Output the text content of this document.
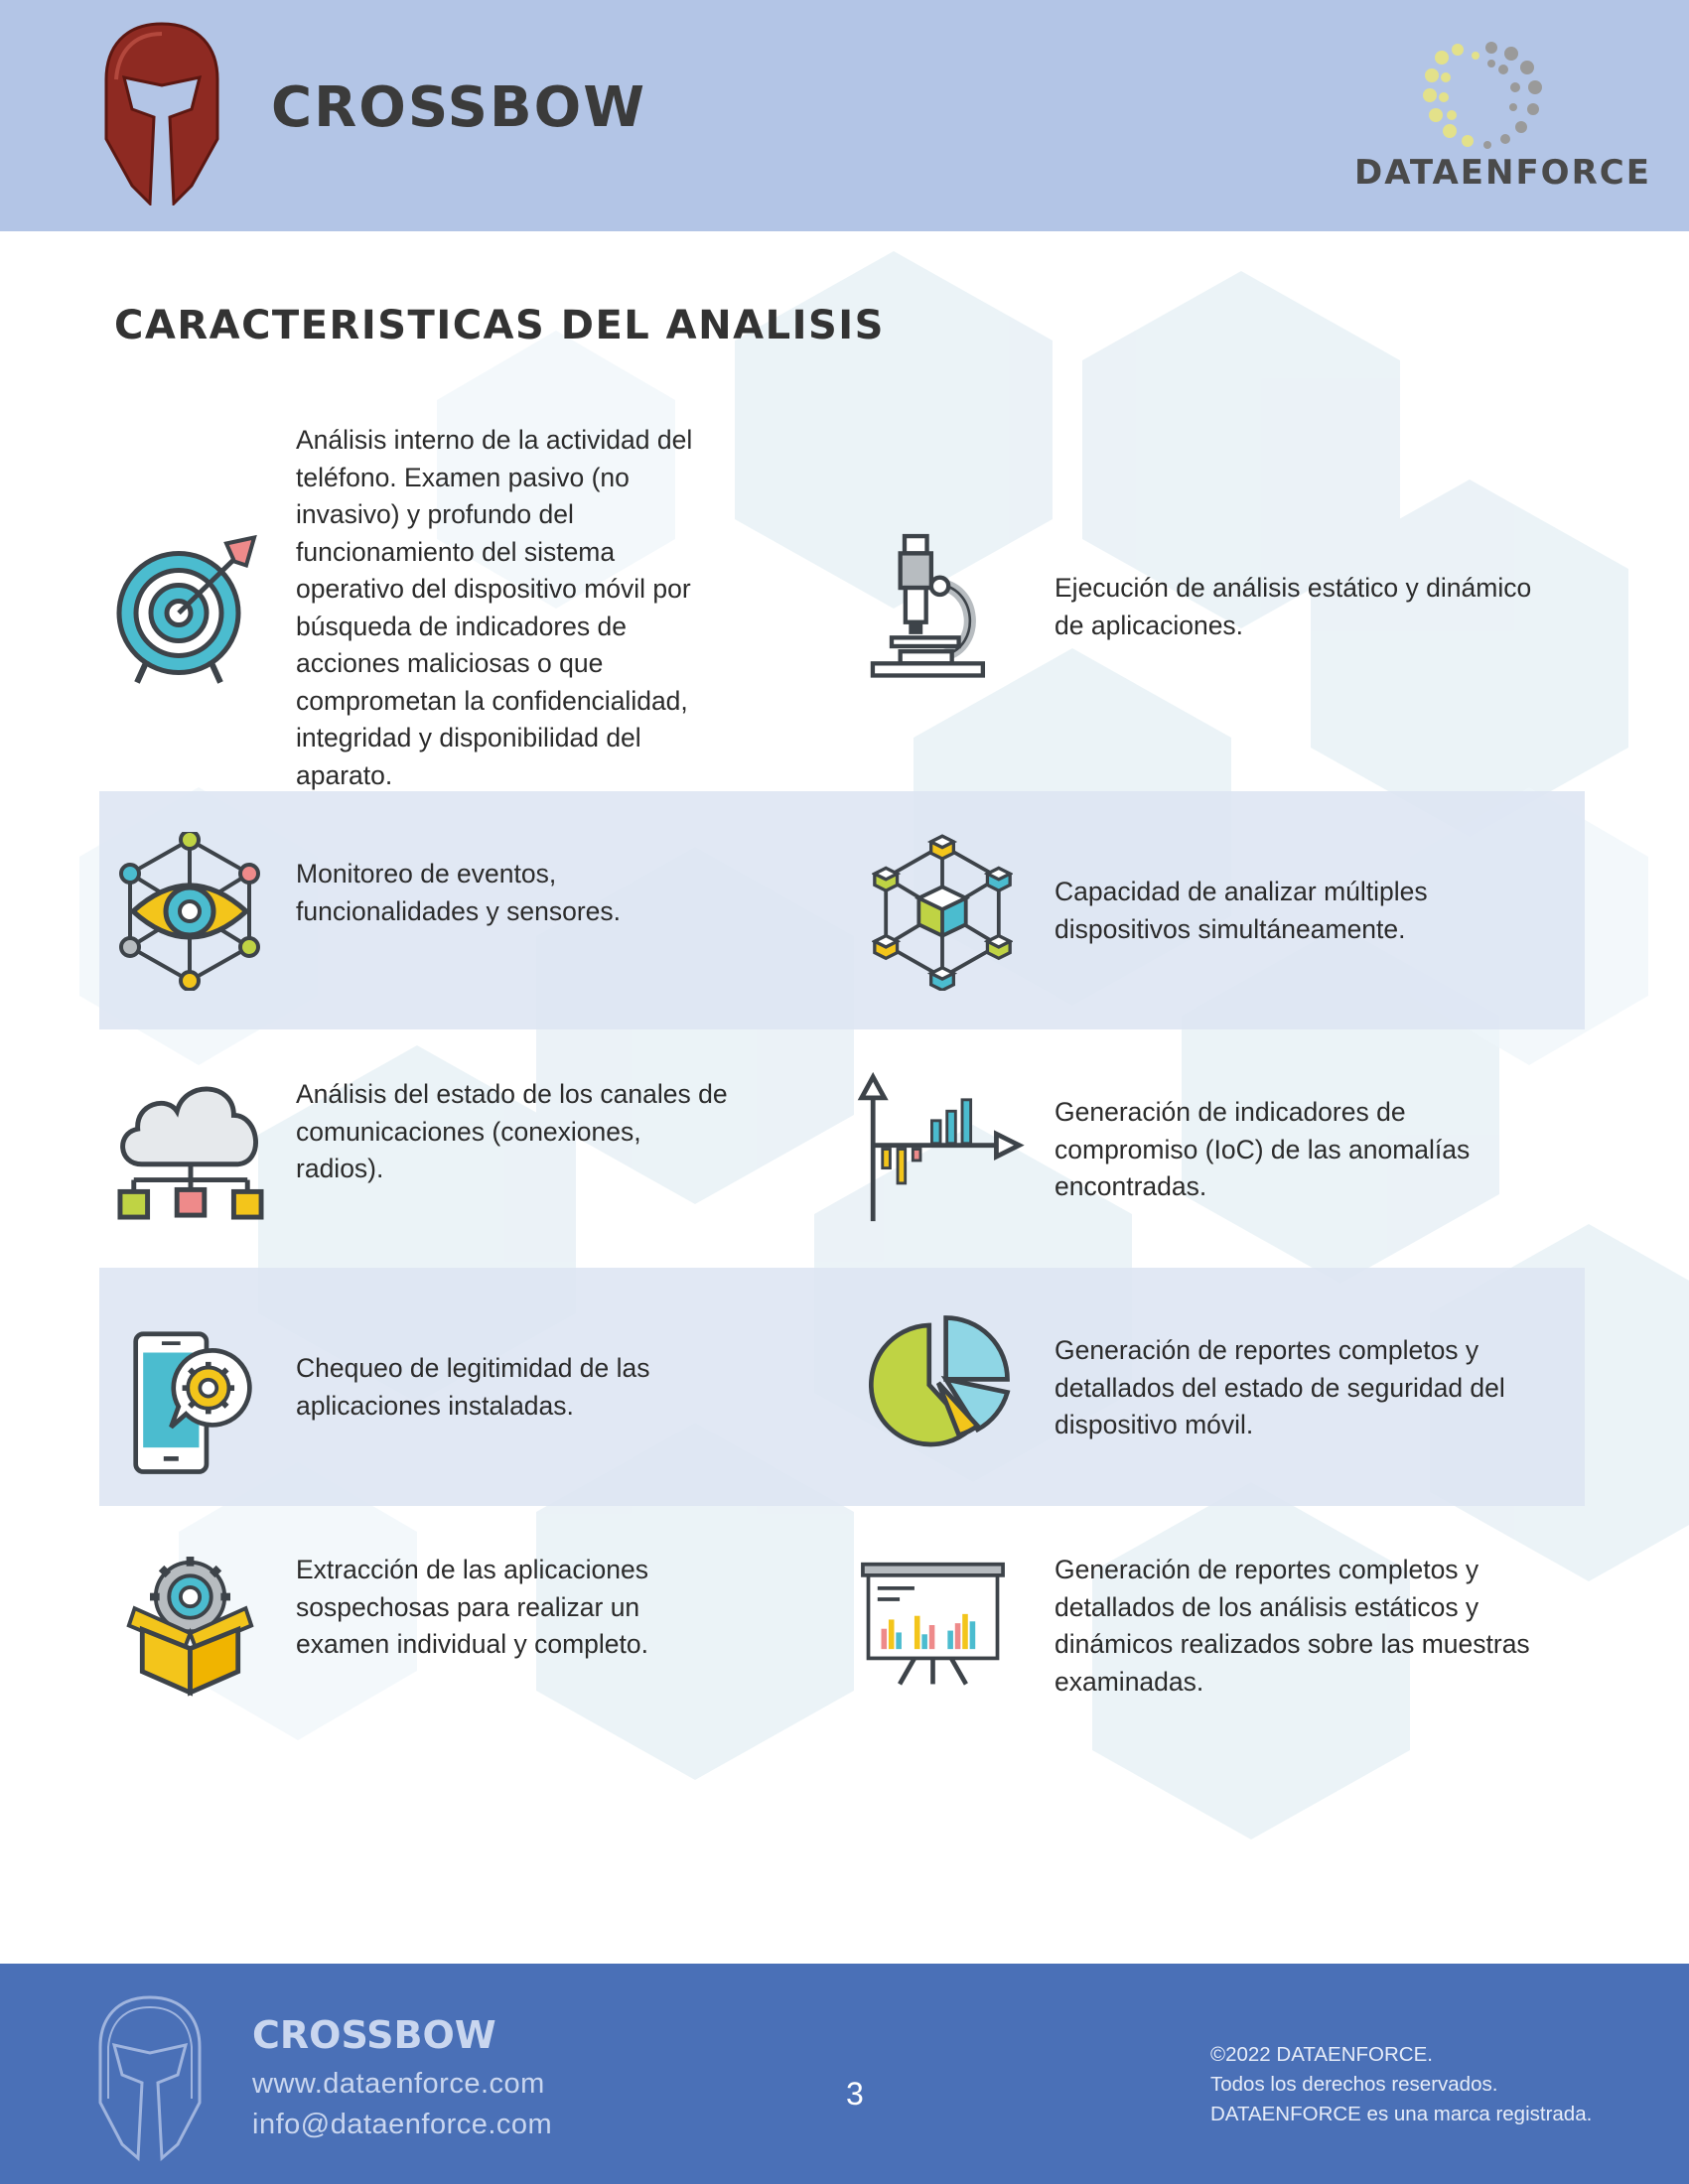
CROSSBOW
DATAENFORCE
CARACTERISTICAS DEL ANALISIS
Análisis interno de la actividad del
teléfono. Examen pasivo (no
invasivo) y profundo del
funcionamiento del sistema
operativo del dispositivo móvil por
búsqueda de indicadores de
acciones maliciosas o que
comprometan la confidencialidad,
integridad y disponibilidad del
aparato.
Ejecución de análisis estático y dinámico
de aplicaciones.
Monitoreo de eventos,
funcionalidades y sensores.
Capacidad de analizar múltiples
dispositivos simultáneamente.
Análisis del estado de los canales de
comunicaciones (conexiones,
radios).
Generación de indicadores de
compromiso (IoC) de las anomalías
encontradas.
Chequeo de legitimidad de las
aplicaciones instaladas.
Generación de reportes completos y
detallados del estado de seguridad del
dispositivo móvil.
Extracción de las aplicaciones
sospechosas para realizar un
examen individual y completo.
Generación de reportes completos y
detallados de los análisis estáticos y
dinámicos realizados sobre las muestras
examinadas.
CROSSBOW
www.dataenforce.com
info@dataenforce.com
3
©2022 DATAENFORCE.
Todos los derechos reservados.
DATAENFORCE es una marca registrada.
